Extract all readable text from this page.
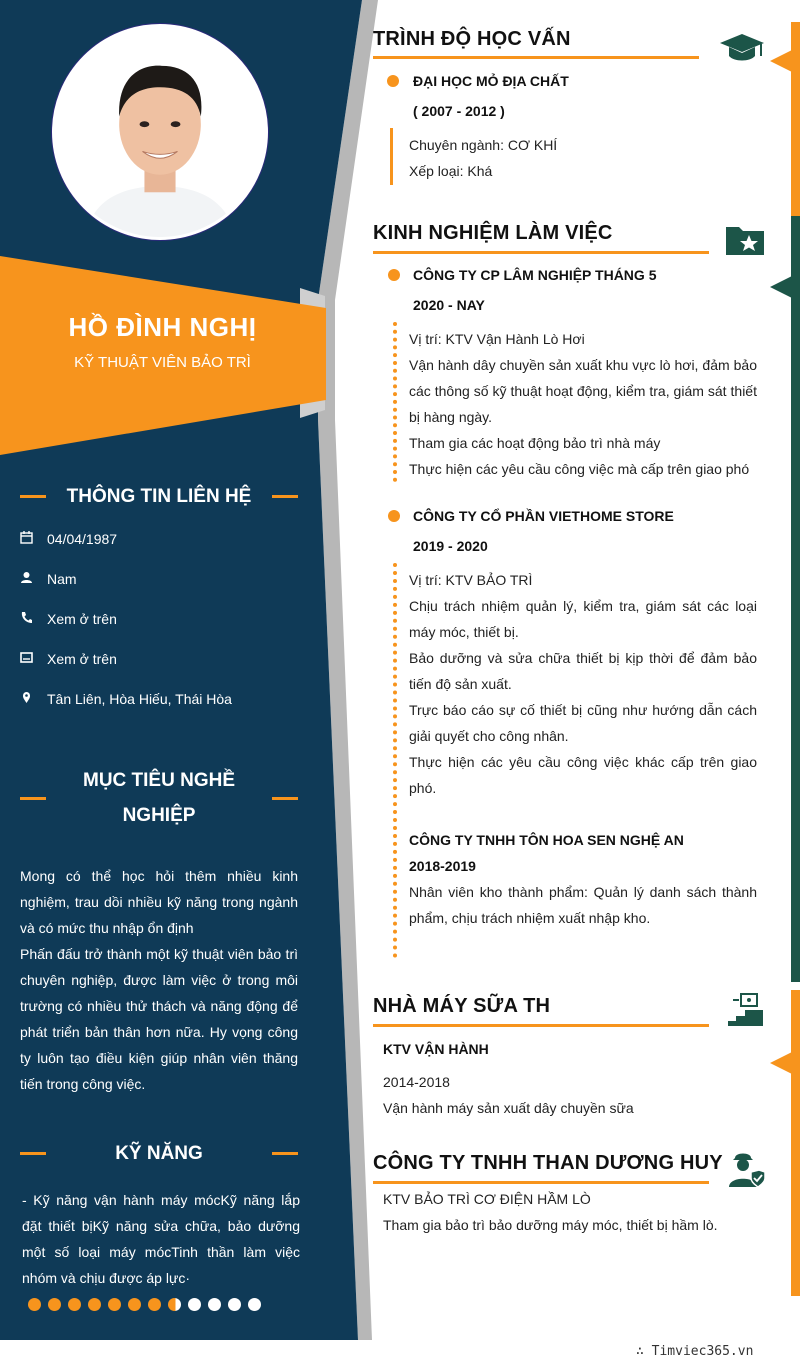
HỒ ĐÌNH NGHỊ
KỸ THUẬT VIÊN BẢO TRÌ
THÔNG TIN LIÊN HỆ
04/04/1987
Nam
Xem ở trên
Xem ở trên
Tân Liên, Hòa Hiếu, Thái Hòa
MỤC TIÊU NGHỀ
NGHIỆP
Mong có thể học hỏi thêm nhiều kinh nghiệm, trau dồi nhiều kỹ năng trong ngành và có mức thu nhập ổn định
Phấn đấu trở thành một kỹ thuật viên bảo trì chuyên nghiệp, được làm việc ở trong môi trường có nhiều thử thách và năng động để phát triển bản thân hơn nữa. Hy vọng công ty luôn tạo điều kiện giúp nhân viên thăng tiến trong công việc.
KỸ NĂNG
- Kỹ năng vận hành máy mócKỹ năng lắp đặt thiết bịKỹ năng sửa chữa, bảo dưỡng một số loại máy mócTinh thần làm việc nhóm và chịu được áp lực·
TRÌNH ĐỘ HỌC VẤN
ĐẠI HỌC MỎ ĐỊA CHẤT
( 2007 - 2012 )
Chuyên ngành: CƠ KHÍ
Xếp loại: Khá
KINH NGHIỆM LÀM VIỆC
CÔNG TY CP LÂM NGHIỆP THÁNG 5
2020 - NAY
Vị trí: KTV Vận Hành Lò Hơi
Vận hành dây chuyền sản xuất khu vực lò hơi, đảm bảo các thông số kỹ thuật hoạt động, kiểm tra, giám sát thiết bị hàng ngày.
Tham gia các hoạt động bảo trì nhà máy
Thực hiện các yêu cầu công việc mà cấp trên giao phó
CÔNG TY CỔ PHẦN VIETHOME STORE
2019 - 2020
Vị trí: KTV BẢO TRÌ
Chịu trách nhiệm quản lý, kiểm tra, giám sát các loại máy móc, thiết bị.
Bảo dưỡng và sửa chữa thiết bị kịp thời để đảm bảo tiến độ sản xuất.
Trực báo cáo sự cố thiết bị cũng như hướng dẫn cách giải quyết cho công nhân.
Thực hiện các yêu cầu công việc khác cấp trên giao phó.
CÔNG TY TNHH TÔN HOA SEN NGHỆ AN
2018-2019
Nhân viên kho thành phẩm: Quản lý danh sách thành phẩm, chịu trách nhiệm xuất nhập kho.
NHÀ MÁY SỮA TH
KTV VẬN HÀNH
2014-2018
Vận hành máy sản xuất dây chuyền sữa
CÔNG TY TNHH THAN DƯƠNG HUY
KTV BẢO TRÌ CƠ ĐIỆN HẦM LÒ
Tham gia bảo trì bảo dưỡng máy móc, thiết bị hầm lò.
∴ Timviec365.vn
